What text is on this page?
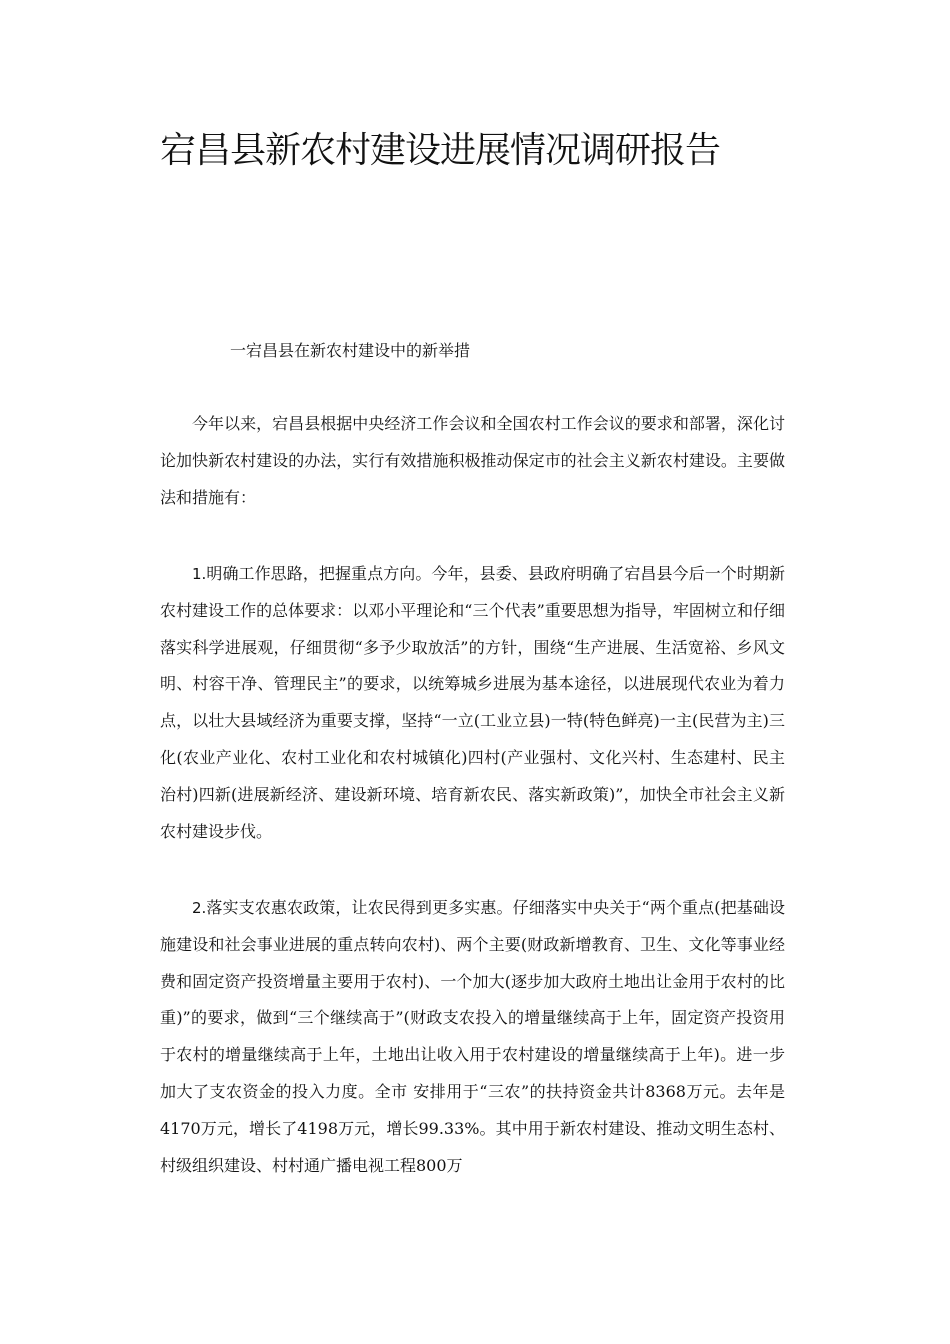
宕昌县新农村建设进展情况调研报告
一宕昌县在新农村建设中的新举措

今年以来，宕昌县根据中央经济工作会议和全国农村工作会议的要求和部署，深化讨论加快新农村建设的办法，实行有效措施积极推动保定市的社会主义新农村建设。主要做法和措施有：

1.明确工作思路，把握重点方向。今年，县委、县政府明确了宕昌县今后一个时期新农村建设工作的总体要求：以邓小平理论和“三个代表”重要思想为指导，牢固树立和仔细落实科学进展观，仔细贯彻“多予少取放活”的方针，围绕“生产进展、生活宽裕、乡风文明、村容干净、管理民主”的要求，以统筹城乡进展为基本途径，以进展现代农业为着力点，以壮大县域经济为重要支撑，坚持“一立(工业立县)一特(特色鲜亮)一主(民营为主)三化(农业产业化、农村工业化和农村城镇化)四村(产业强村、文化兴村、生态建村、民主治村)四新(进展新经济、建设新环境、培育新农民、落实新政策)”，加快全市社会主义新农村建设步伐。

2.落实支农惠农政策，让农民得到更多实惠。仔细落实中央关于“两个重点(把基础设施建设和社会事业进展的重点转向农村)、两个主要(财政新增教育、卫生、文化等事业经费和固定资产投资增量主要用于农村)、一个加大(逐步加大政府土地出让金用于农村的比重)”的要求，做到“三个继续高于”(财政支农投入的增量继续高于上年，固定资产投资用于农村的增量继续高于上年，土地出让收入用于农村建设的增量继续高于上年)。进一步加大了支农资金的投入力度。全市 安排用于“三农”的扶持资金共计8368万元。去年是4170万元，增长了4198万元，增长99.33%。其中用于新农村建设、推动文明生态村、村级组织建设、村村通广播电视工程800万
